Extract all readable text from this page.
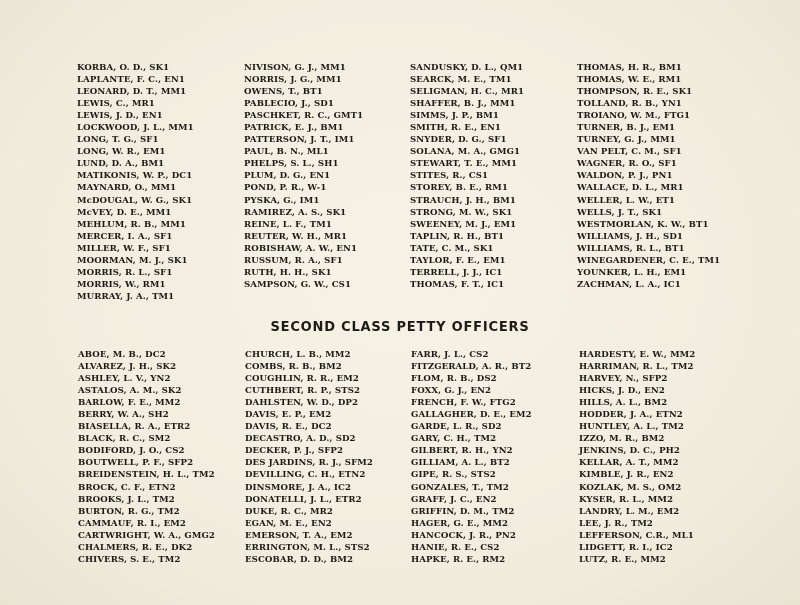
KORBA, O. D., SK1
LAPLANTE, F. C., EN1
LEONARD, D. T., MM1
LEWIS, C., MR1
LEWIS, J. D., EN1
LOCKWOOD, J. L., MM1
LONG, T. G., SF1
LONG, W. R., EM1
LUND, D. A., BM1
MATIKONIS, W. P., DC1
MAYNARD, O., MM1
McDOUGAL, W. G., SK1
McVEY, D. E., MM1
MEHLUM, R. B., MM1
MERCER, I. A., SF1
MILLER, W. F., SF1
MOORMAN, M. J., SK1
MORRIS, R. L., SF1
MORRIS, W., RM1
MURRAY, J. A., TM1
NIVISON, G. J., MM1
NORRIS, J. G., MM1
OWENS, T., BT1
PABLECIO, J., SD1
PASCHKET, R. C., GMT1
PATRICK, E. J., BM1
PATTERSON, J. T., IM1
PAUL, B. N., ML1
PHELPS, S. L., SH1
PLUM, D. G., EN1
POND, P. R., W-1
PYSKA, G., IM1
RAMIREZ, A. S., SK1
REINE, L. F., TM1
REUTER, W. H., MR1
ROBISHAW, A. W., EN1
RUSSUM, R. A., SF1
RUTH, H. H., SK1
SAMPSON, G. W., CS1
SANDUSKY, D. L., QM1
SEARCK, M. E., TM1
SELIGMAN, H. C., MR1
SHAFFER, B. J., MM1
SIMMS, J. P., BM1
SMITH, R. E., EN1
SNYDER, D. G., SF1
SOLANA, M. A., GMG1
STEWART, T. E., MM1
STITES, R., CS1
STOREY, B. E., RM1
STRAUCH, J. H., BM1
STRONG, M. W., SK1
SWEENEY, M. J., EM1
TAPLIN, R. H., BT1
TATE, C. M., SK1
TAYLOR, F. E., EM1
TERRELL, J. J., IC1
THOMAS, F. T., IC1
THOMAS, H. R., BM1
THOMAS, W. E., RM1
THOMPSON, R. E., SK1
TOLLAND, R. B., YN1
TROIANO, W. M., FTG1
TURNER, B. J., EM1
TURNEY, G. J., MM1
VAN PELT, C. M., SF1
WAGNER, R. O., SF1
WALDON, P. J., PN1
WALLACE, D. L., MR1
WELLER, L. W., ET1
WELLS, J. T., SK1
WESTMORLAN, K. W., BT1
WILLIAMS, J. H., SD1
WILLIAMS, R. L., BT1
WINEGARDENER, C. E., TM1
YOUNKER, L. H., EM1
ZACHMAN, L. A., IC1
SECOND CLASS PETTY OFFICERS
ABOE, M. B., DC2
ALVAREZ, J. H., SK2
ASHLEY, L. V., YN2
ASTALOS, A. M., SK2
BARLOW, F. E., MM2
BERRY, W. A., SH2
BIASELLA, R. A., ETR2
BLACK, R. C., SM2
BODIFORD, J. O., CS2
BOUTWELL, P. F., SFP2
BREIDENSTEIN, H. L., TM2
BROCK, C. F., ETN2
BROOKS, J. L., TM2
BURTON, R. G., TM2
CAMMAUF, R. I., EM2
CARTWRIGHT, W. A., GMG2
CHALMERS, R. E., DK2
CHIVERS, S. E., TM2
CHURCH, L. B., MM2
COMBS, R. B., BM2
COUGHLIN, R. R., EM2
CUTHBERT, R. P., STS2
DAHLSTEN, W. D., DP2
DAVIS, E. P., EM2
DAVIS, R. E., DC2
DECASTRO, A. D., SD2
DECKER, P. J., SFP2
DES JARDINS, R. J., SFM2
DEVILLING, C. H., ETN2
DINSMORE, J. A., IC2
DONATELLI, J. L., ETR2
DUKE, R. C., MR2
EGAN, M. E., EN2
EMERSON, T. A., EM2
ERRINGTON, M. L., STS2
ESCOBAR, D. D., BM2
FARR, J. L., CS2
FITZGERALD, A. R., BT2
FLOM, R. B., DS2
FOXX, G. J., EN2
FRENCH, F. W., FTG2
GALLAGHER, D. E., EM2
GARDE, L. R., SD2
GARY, C. H., TM2
GILBERT, R. H., YN2
GILLIAM, A. L., BT2
GIPE, R. S., STS2
GONZALES, T., TM2
GRAFF, J. C., EN2
GRIFFIN, D. M., TM2
HAGER, G. E., MM2
HANCOCK, J. R., PN2
HANIE, R. E., CS2
HAPKE, R. E., RM2
HARDESTY, E. W., MM2
HARRIMAN, R. L., TM2
HARVEY, N., SFP2
HICKS, J. D., EN2
HILLS, A. L., BM2
HODDER, J. A., ETN2
HUNTLEY, A. L., TM2
IZZO, M. R., BM2
JENKINS, D. C., PH2
KELLAR, A. T., MM2
KIMBLE, J. R., EN2
KOZLAK, M. S., OM2
KYSER, R. L., MM2
LANDRY, L. M., EM2
LEE, J. R., TM2
LEFFERSON, C.R., ML1
LIDGETT, R. I., IC2
LUTZ, R. E., MM2
